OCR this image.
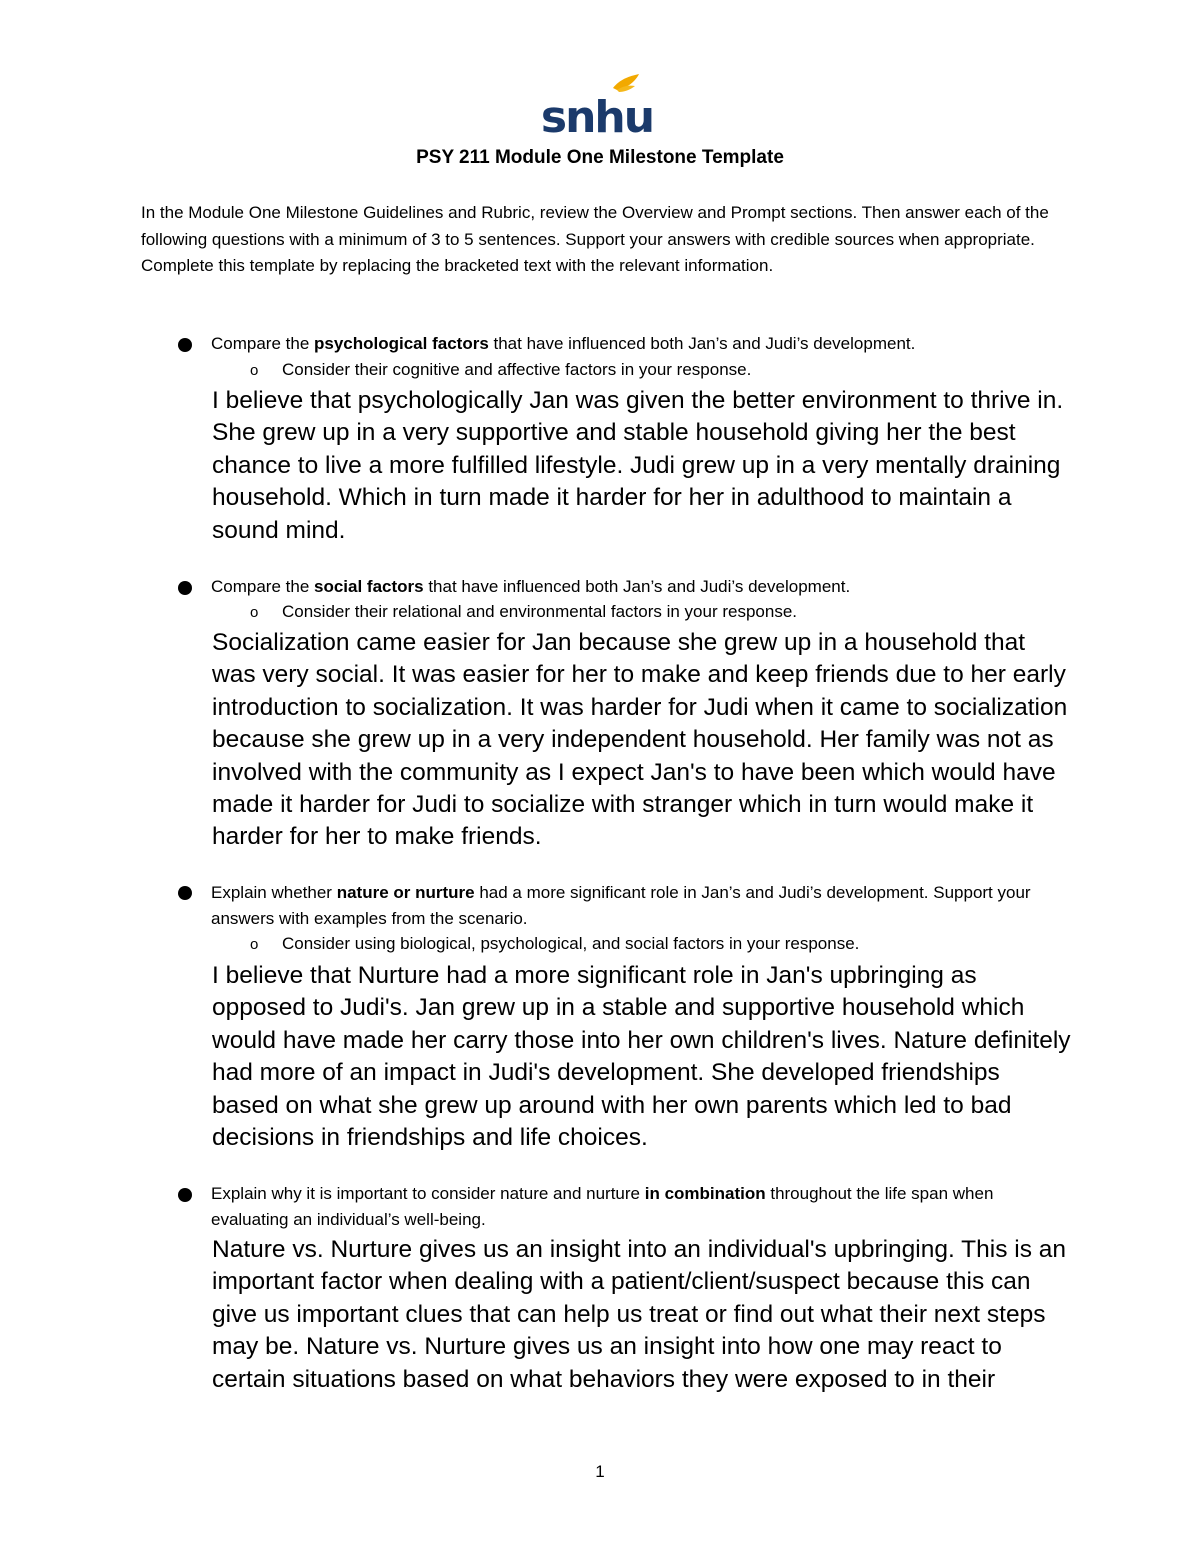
snhu
PSY 211 Module One Milestone Template

In the Module One Milestone Guidelines and Rubric, review the Overview and Prompt sections. Then answer each of the following questions with a minimum of 3 to 5 sentences. Support your answers with credible sources when appropriate. Complete this template by replacing the bracketed text with the relevant information.

Compare the psychological factors that have influenced both Jan’s and Judi’s development.
o Consider their cognitive and affective factors in your response.

I believe that psychologically Jan was given the better environment to thrive in. She grew up in a very supportive and stable household giving her the best chance to live a more fulfilled lifestyle. Judi grew up in a very mentally draining household. Which in turn made it harder for her in adulthood to maintain a sound mind.

Compare the social factors that have influenced both Jan’s and Judi’s development.
o Consider their relational and environmental factors in your response.

Socialization came easier for Jan because she grew up in a household that was very social. It was easier for her to make and keep friends due to her early introduction to socialization. It was harder for Judi when it came to socialization because she grew up in a very independent household. Her family was not as involved with the community as I expect Jan's to have been which would have made it harder for Judi to socialize with stranger which in turn would make it harder for her to make friends.

Explain whether nature or nurture had a more significant role in Jan’s and Judi’s development. Support your answers with examples from the scenario.
o Consider using biological, psychological, and social factors in your response.

I believe that Nurture had a more significant role in Jan's upbringing as opposed to Judi's. Jan grew up in a stable and supportive household which would have made her carry those into her own children's lives. Nature definitely had more of an impact in Judi's development. She developed friendships based on what she grew up around with her own parents which led to bad decisions in friendships and life choices.

Explain why it is important to consider nature and nurture in combination throughout the life span when evaluating an individual’s well-being.

Nature vs. Nurture gives us an insight into an individual's upbringing. This is an important factor when dealing with a patient/client/suspect because this can give us important clues that can help us treat or find out what their next steps may be. Nature vs. Nurture gives us an insight into how one may react to certain situations based on what behaviors they were exposed to in their

1
